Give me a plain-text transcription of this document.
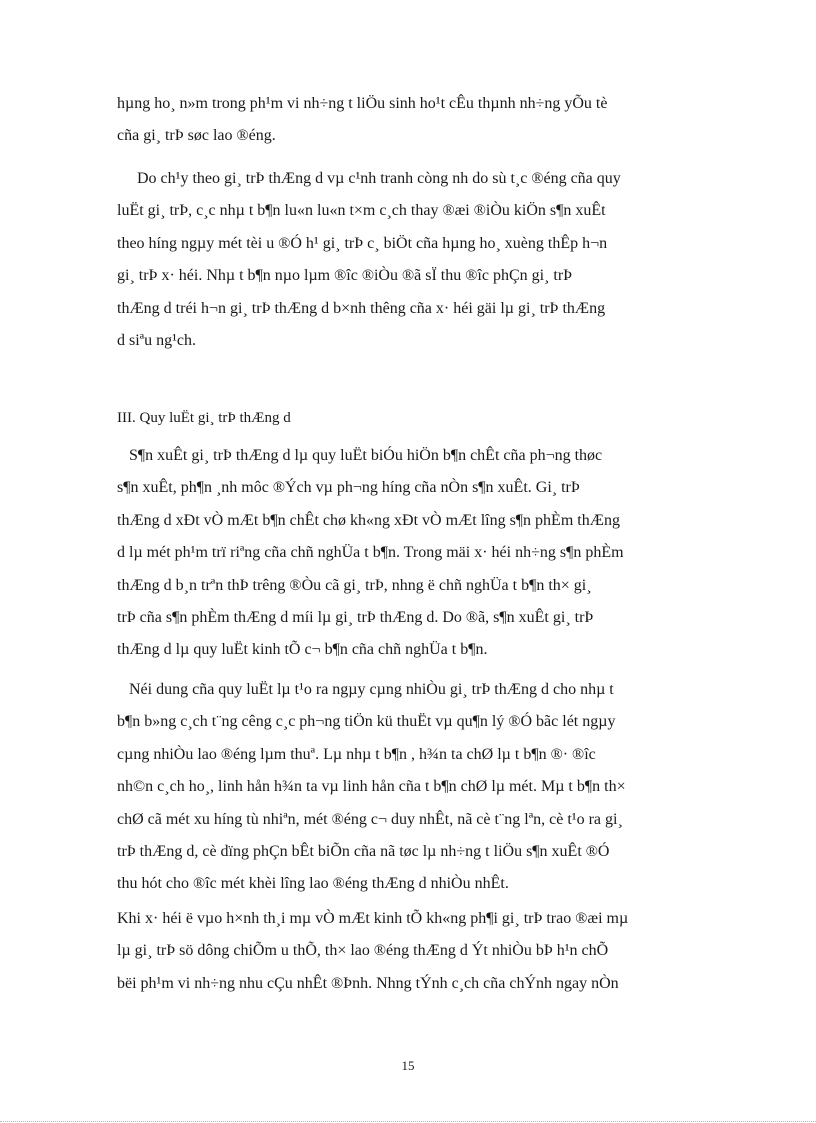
hµng ho¸ n»m trong ph¹m vi nh÷ng t liÖu sinh ho¹t cÊu thµnh nh÷ng yÕu tè
cña gi¸ trÞ søc lao ®éng.
Do ch¹y theo gi¸ trÞ thÆng d vµ c¹nh tranh còng nh do sù t¸c ®éng cña quy
luËt gi¸ trÞ, c¸c nhµ t b¶n lu«n lu«n t×m c¸ch thay ®æi ®iÒu kiÖn s¶n xuÊt
theo híng ngµy mét tèi u ®Ó h¹ gi¸ trÞ c¸ biÖt cña hµng ho¸ xuèng thÊp h¬n
gi¸ trÞ x· héi. Nhµ t b¶n nµo lµm ®îc ®iÒu ®ã sÏ thu ®îc phÇn gi¸ trÞ
thÆng d tréi h¬n gi¸ trÞ thÆng d b×nh thêng cña x· héi gäi lµ gi¸ trÞ thÆng
d siªu ng¹ch.
III. Quy luËt gi¸ trÞ thÆng d
S¶n xuÊt gi¸ trÞ thÆng d lµ quy luËt biÓu hiÖn b¶n chÊt cña ph¬ng thøc
s¶n xuÊt, ph¶n ¸nh môc ®Ých vµ ph¬ng híng cña nÒn s¶n xuÊt. Gi¸ trÞ
thÆng d xÐt vÒ mÆt b¶n chÊt chø kh«ng xÐt vÒ mÆt lîng s¶n phÈm thÆng
d lµ mét ph¹m trï riªng cña chñ nghÜa t b¶n. Trong mäi x· héi nh÷ng s¶n phÈm
thÆng d b¸n trªn thÞ trêng ®Òu cã gi¸ trÞ, nhng ë chñ nghÜa t b¶n th× gi¸
trÞ cña s¶n phÈm thÆng d míi lµ gi¸ trÞ thÆng d. Do ®ã, s¶n xuÊt gi¸ trÞ
thÆng d lµ quy luËt kinh tÕ c¬ b¶n cña chñ nghÜa t b¶n.
Néi dung cña quy luËt lµ t¹o ra ngµy cµng nhiÒu gi¸ trÞ thÆng d cho nhµ t
b¶n b»ng c¸ch t¨ng cêng c¸c ph¬ng tiÖn kü thuËt vµ qu¶n lý ®Ó bãc lét ngµy
cµng nhiÒu lao ®éng lµm thuª. Lµ nhµ t b¶n , h¾n ta chØ lµ t b¶n ®· ®îc
nh©n c¸ch ho¸, linh hån h¾n ta vµ linh hån cña t b¶n chØ lµ mét. Mµ t b¶n th×
chØ cã mét xu híng tù nhiªn, mét ®éng c¬ duy nhÊt, nã cè t¨ng lªn, cè t¹o ra gi¸
trÞ thÆng d, cè dïng phÇn bÊt biÕn cña nã tøc lµ nh÷ng t liÖu s¶n xuÊt ®Ó
thu hót cho ®îc mét khèi lîng lao ®éng thÆng d nhiÒu nhÊt.
Khi x· héi ë vµo h×nh th¸i mµ vÒ mÆt kinh tÕ kh«ng ph¶i gi¸ trÞ trao ®æi mµ
lµ gi¸ trÞ sö dông chiÕm u thÕ, th× lao ®éng thÆng d Ýt nhiÒu bÞ h¹n chÕ
bëi ph¹m vi nh÷ng nhu cÇu nhÊt ®Þnh. Nhng tÝnh c¸ch cña chÝnh ngay nÒn
15
